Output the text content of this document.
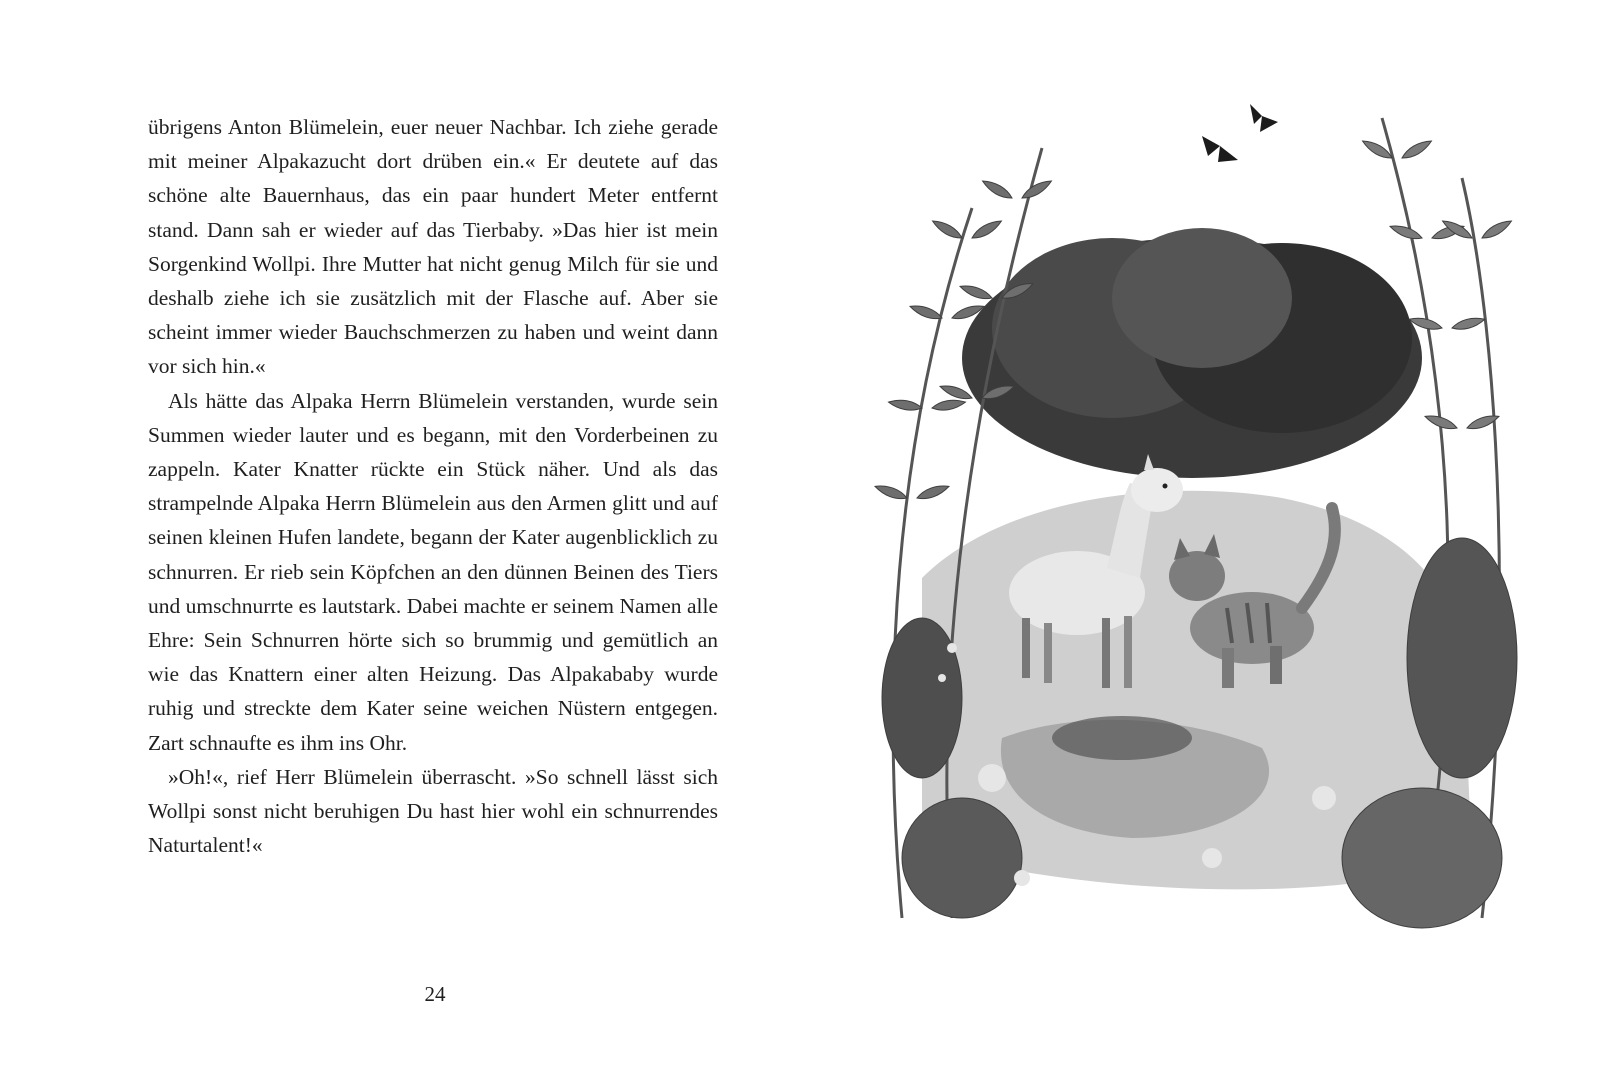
übrigens Anton Blümelein, euer neuer Nachbar. Ich ziehe gerade mit meiner Alpakazucht dort drüben ein.« Er deutete auf das schöne alte Bauernhaus, das ein paar hundert Meter entfernt stand. Dann sah er wieder auf das Tierbaby. »Das hier ist mein Sorgenkind Wollpi. Ihre Mutter hat nicht genug Milch für sie und deshalb ziehe ich sie zusätzlich mit der Flasche auf. Aber sie scheint immer wieder Bauchschmerzen zu haben und weint dann vor sich hin.«

Als hätte das Alpaka Herrn Blümelein verstanden, wurde sein Summen wieder lauter und es begann, mit den Vorderbeinen zu zappeln. Kater Knatter rückte ein Stück näher. Und als das strampelnde Alpaka Herrn Blümelein aus den Armen glitt und auf seinen kleinen Hufen landete, begann der Kater augenblicklich zu schnurren. Er rieb sein Köpfchen an den dünnen Beinen des Tiers und umschnurrte es lautstark. Dabei machte er seinem Namen alle Ehre: Sein Schnurren hörte sich so brummig und gemütlich an wie das Knattern einer alten Heizung. Das Alpakababy wurde ruhig und streckte dem Kater seine weichen Nüstern entgegen. Zart schnaufte es ihm ins Ohr.

»Oh!«, rief Herr Blümelein überrascht. »So schnell lässt sich Wollpi sonst nicht beruhigen Du hast hier wohl ein schnurrendes Naturtalent!«

24
